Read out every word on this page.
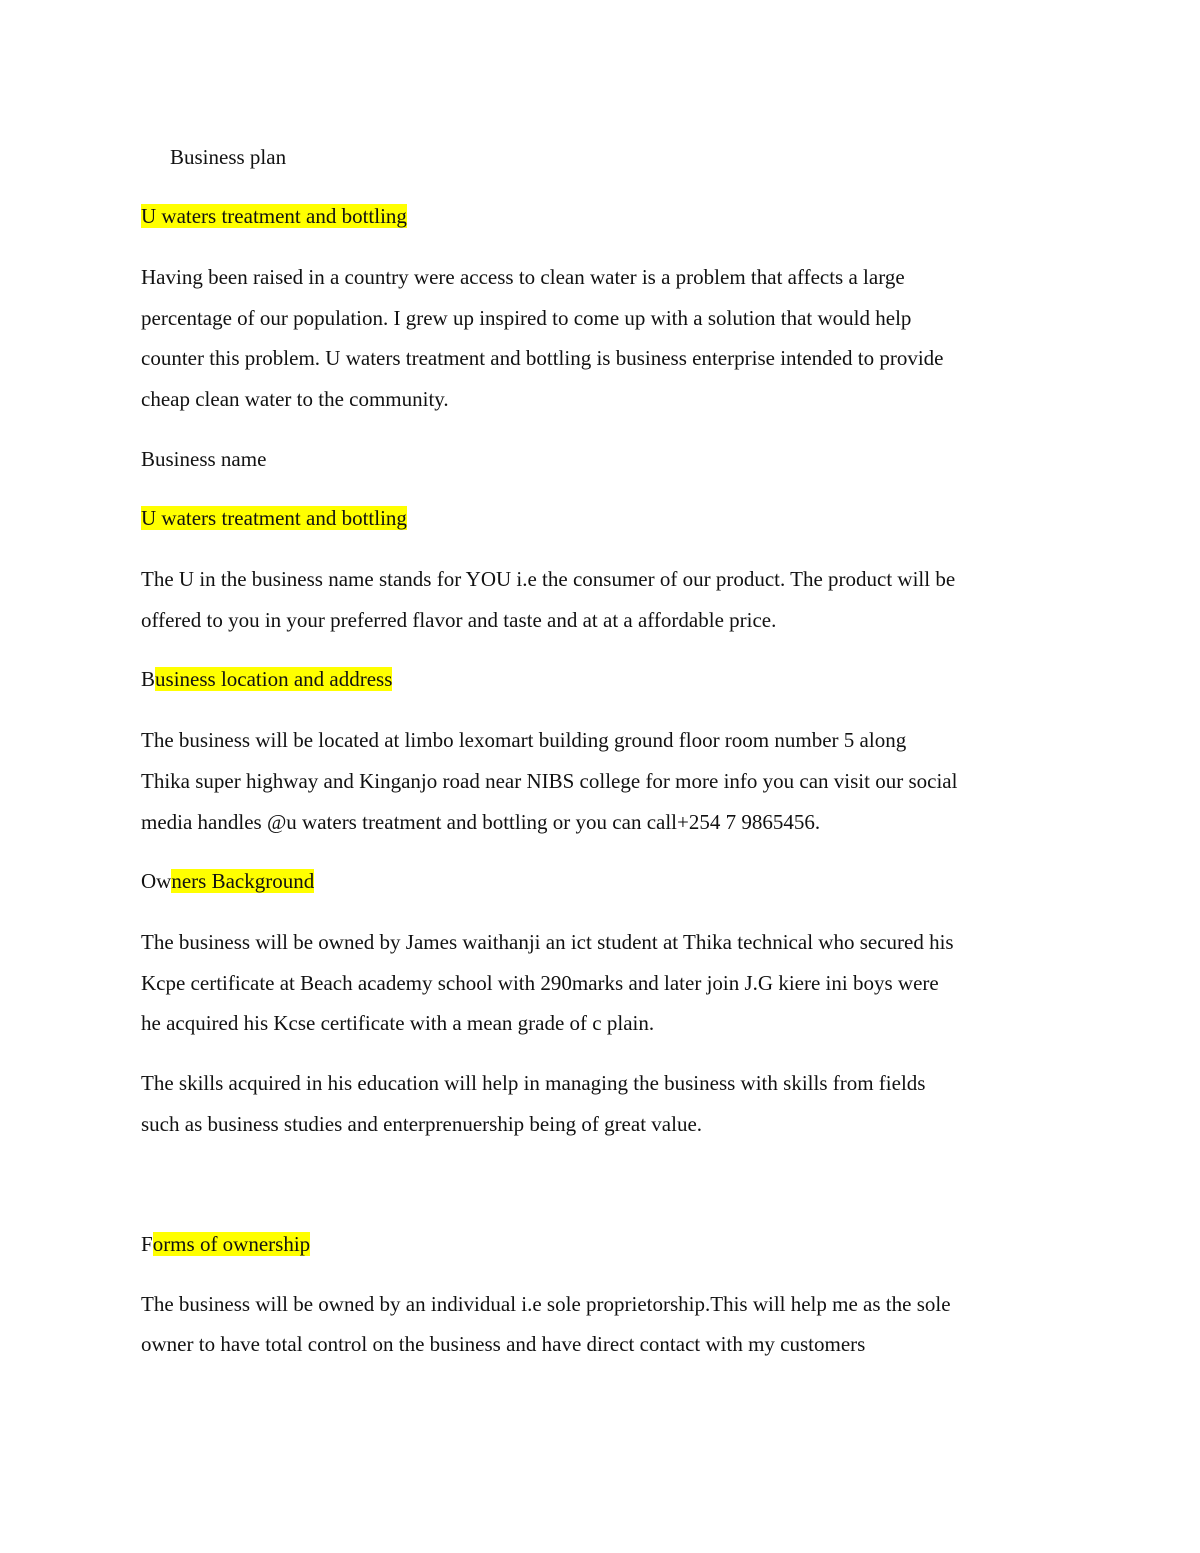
Business plan
U waters treatment and bottling
Having been raised in a country were access to clean water is a problem that affects a large
percentage of our population. I grew up inspired to come up with a solution that would help
counter this problem. U waters treatment and bottling is business enterprise intended to provide
cheap clean water to the community.
Business name
U waters treatment and bottling
The U in the business name stands for YOU i.e the consumer of our product. The product will be
offered to you in your preferred flavor and taste and at at a affordable price.
Business location and address
The business will be located at limbo lexomart building ground floor room number 5 along
Thika super highway and Kinganjo road near NIBS college for more info you can visit our social
media handles @u waters treatment and bottling or you can call+254 7 9865456.
Owners Background
The business will be owned by James waithanji an ict student at Thika technical who secured his
Kcpe certificate at Beach academy school with 290marks and later join J.G kiere ini boys were
he acquired his Kcse certificate with a mean grade of c plain.
The skills acquired in his education will help in managing the business with skills from fields
such as business studies and enterprenuership being of great value.
Forms of ownership
The business will be owned by an individual i.e sole proprietorship.This will help me as the sole
owner to have total control on the business and have direct contact with my customers
